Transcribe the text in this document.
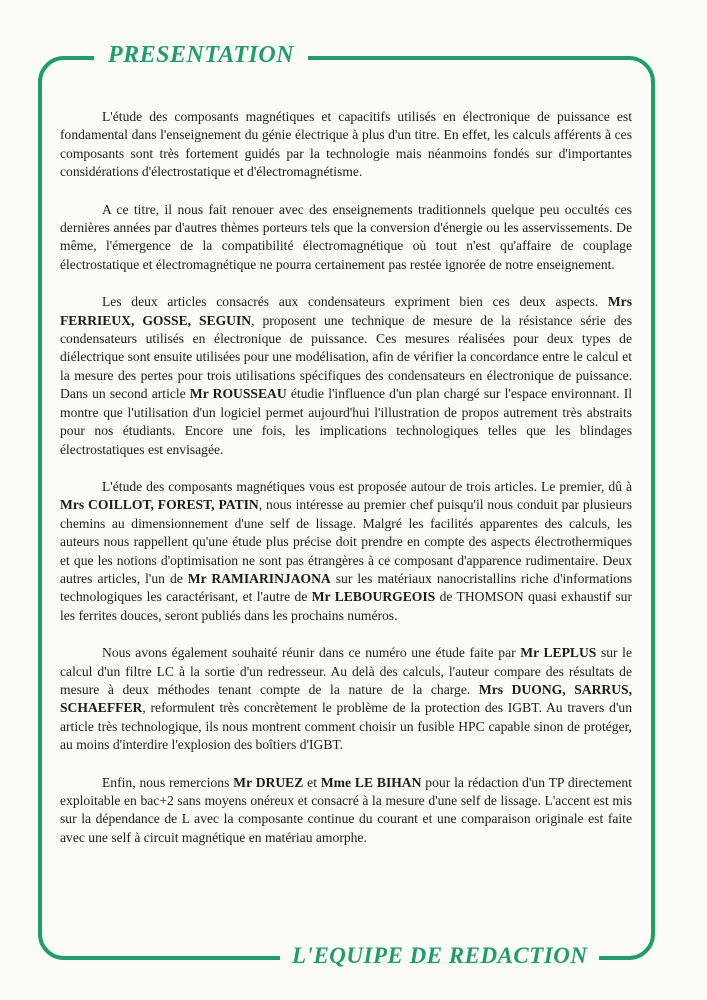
PRESENTATION

L'étude des composants magnétiques et capacitifs utilisés en électronique de puissance est fondamental dans l'enseignement du génie électrique à plus d'un titre. En effet, les calculs afférents à ces composants sont très fortement guidés par la technologie mais néanmoins fondés sur d'importantes considérations d'électrostatique et d'électromagnétisme.

A ce titre, il nous fait renouer avec des enseignements traditionnels quelque peu occultés ces dernières années par d'autres thèmes porteurs tels que la conversion d'énergie ou les asservissements. De même, l'émergence de la compatibilité électromagnétique où tout n'est qu'affaire de couplage électrostatique et électromagnétique ne pourra certainement pas restée ignorée de notre enseignement.

Les deux articles consacrés aux condensateurs expriment bien ces deux aspects. Mrs FERRIEUX, GOSSE, SEGUIN, proposent une technique de mesure de la résistance série des condensateurs utilisés en électronique de puissance. Ces mesures réalisées pour deux types de diélectrique sont ensuite utilisées pour une modélisation, afin de vérifier la concordance entre le calcul et la mesure des pertes pour trois utilisations spécifiques des condensateurs en électronique de puissance. Dans un second article Mr ROUSSEAU étudie l'influence d'un plan chargé sur l'espace environnant. Il montre que l'utilisation d'un logiciel permet aujourd'hui l'illustration de propos autrement très abstraits pour nos étudiants. Encore une fois, les implications technologiques telles que les blindages électrostatiques est envisagée.

L'étude des composants magnétiques vous est proposée autour de trois articles. Le premier, dû à Mrs COILLOT, FOREST, PATIN, nous intéresse au premier chef puisqu'il nous conduit par plusieurs chemins au dimensionnement d'une self de lissage. Malgré les facilités apparentes des calculs, les auteurs nous rappellent qu'une étude plus précise doit prendre en compte des aspects électrothermiques et que les notions d'optimisation ne sont pas étrangères à ce composant d'apparence rudimentaire. Deux autres articles, l'un de Mr RAMIARINJAONA sur les matériaux nanocristallins riche d'informations technologiques les caractérisant, et l'autre de Mr LEBOURGEOIS de THOMSON quasi exhaustif sur les ferrites douces, seront publiés dans les prochains numéros.

Nous avons également souhaité réunir dans ce numéro une étude faite par Mr LEPLUS sur le calcul d'un filtre LC à la sortie d'un redresseur. Au delà des calculs, l'auteur compare des résultats de mesure à deux méthodes tenant compte de la nature de la charge. Mrs DUONG, SARRUS, SCHAEFFER, reformulent très concrètement le problème de la protection des IGBT. Au travers d'un article très technologique, ils nous montrent comment choisir un fusible HPC capable sinon de protéger, au moins d'interdire l'explosion des boîtiers d'IGBT.

Enfin, nous remercions Mr DRUEZ et Mme LE BIHAN pour la rédaction d'un TP directement exploitable en bac+2 sans moyens onéreux et consacré à la mesure d'une self de lissage. L'accent est mis sur la dépendance de L avec la composante continue du courant et une comparaison originale est faite avec une self à circuit magnétique en matériau amorphe.

L'EQUIPE DE REDACTION
